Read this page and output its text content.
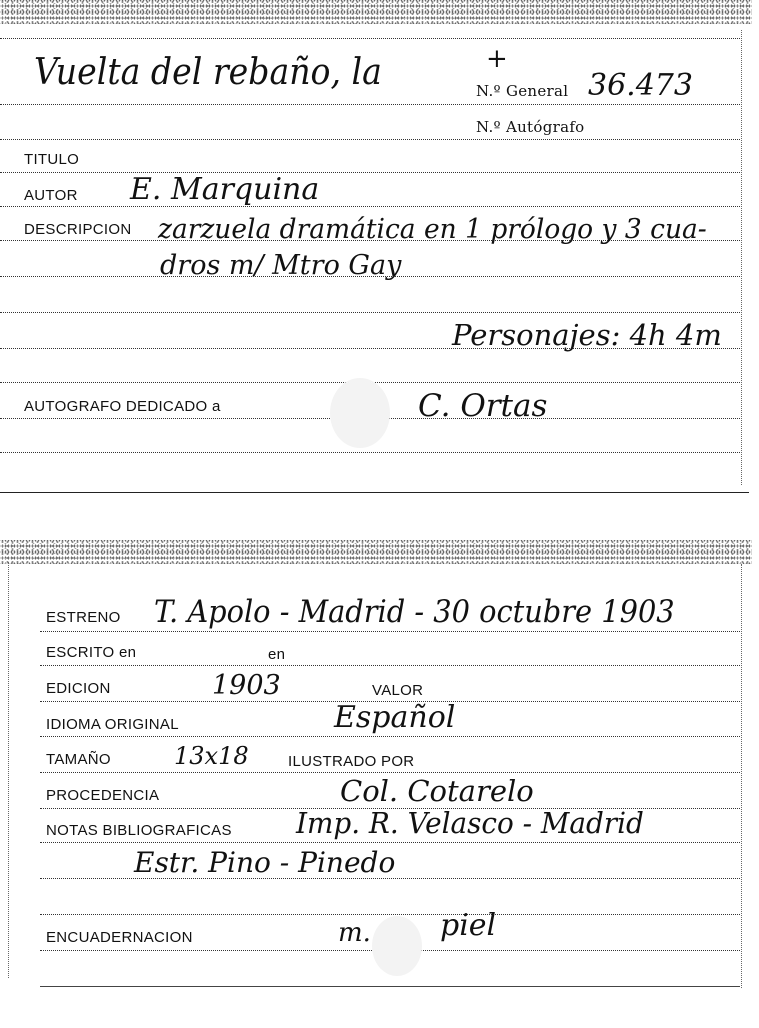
Vuelta del rebaño, la	+
N.º General 36.473
N.º Autógrafo
TITULO
AUTOR E. Marquina
DESCRIPCION zarzuela dramática en 1 prólogo y 3 cua-
dros m/ Mtro Gay
Personajes: 4h 4m
AUTOGRAFO DEDICADO a	C. Ortas
ESTRENO T. Apolo - Madrid - 30 octubre 1903
ESCRITO en	en
EDICION	1903	VALOR
IDIOMA ORIGINAL	Español
TAMAÑO	13x18	ILUSTRADO POR
PROCEDENCIA	Col. Cotarelo
NOTAS BIBLIOGRAFICAS Imp. R. Velasco - Madrid
Estr. Pino - Pinedo
ENCUADERNACION	m. piel
